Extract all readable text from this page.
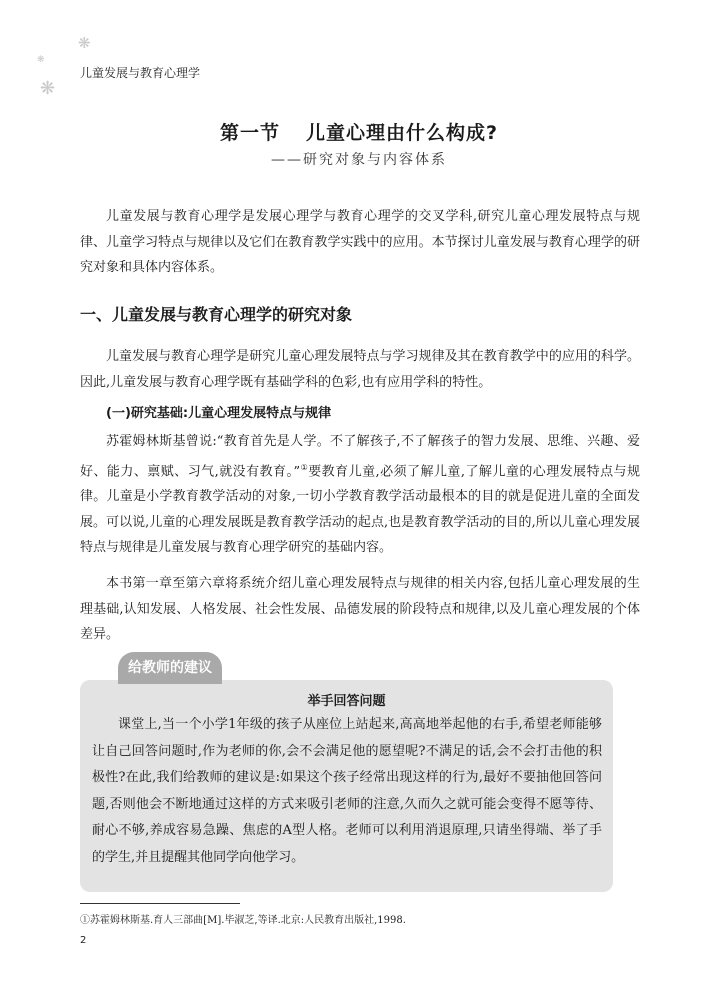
❋
❋
❋
儿童发展与教育心理学
第一节 儿童心理由什么构成?
——研究对象与内容体系

儿童发展与教育心理学是发展心理学与教育心理学的交叉学科,研究儿童心理发展特点与规律、儿童学习特点与规律以及它们在教育教学实践中的应用。本节探讨儿童发展与教育心理学的研究对象和具体内容体系。

一、儿童发展与教育心理学的研究对象

儿童发展与教育心理学是研究儿童心理发展特点与学习规律及其在教育教学中的应用的科学。因此,儿童发展与教育心理学既有基础学科的色彩,也有应用学科的特性。

(一)研究基础:儿童心理发展特点与规律

苏霍姆林斯基曾说:“教育首先是人学。不了解孩子,不了解孩子的智力发展、思维、兴趣、爱好、能力、禀赋、习气,就没有教育。”①要教育儿童,必须了解儿童,了解儿童的心理发展特点与规律。儿童是小学教育教学活动的对象,一切小学教育教学活动最根本的目的就是促进儿童的全面发展。可以说,儿童的心理发展既是教育教学活动的起点,也是教育教学活动的目的,所以儿童心理发展特点与规律是儿童发展与教育心理学研究的基础内容。

本书第一章至第六章将系统介绍儿童心理发展特点与规律的相关内容,包括儿童心理发展的生理基础,认知发展、人格发展、社会性发展、品德发展的阶段特点和规律,以及儿童心理发展的个体差异。

给教师的建议
举手回答问题

课堂上,当一个小学1年级的孩子从座位上站起来,高高地举起他的右手,希望老师能够让自己回答问题时,作为老师的你,会不会满足他的愿望呢?不满足的话,会不会打击他的积极性?在此,我们给教师的建议是:如果这个孩子经常出现这样的行为,最好不要抽他回答问题,否则他会不断地通过这样的方式来吸引老师的注意,久而久之就可能会变得不愿等待、耐心不够,养成容易急躁、焦虑的A型人格。老师可以利用消退原理,只请坐得端、举了手的学生,并且提醒其他同学向他学习。

①苏霍姆林斯基.育人三部曲[M].毕淑芝,等译.北京:人民教育出版社,1998.
2
